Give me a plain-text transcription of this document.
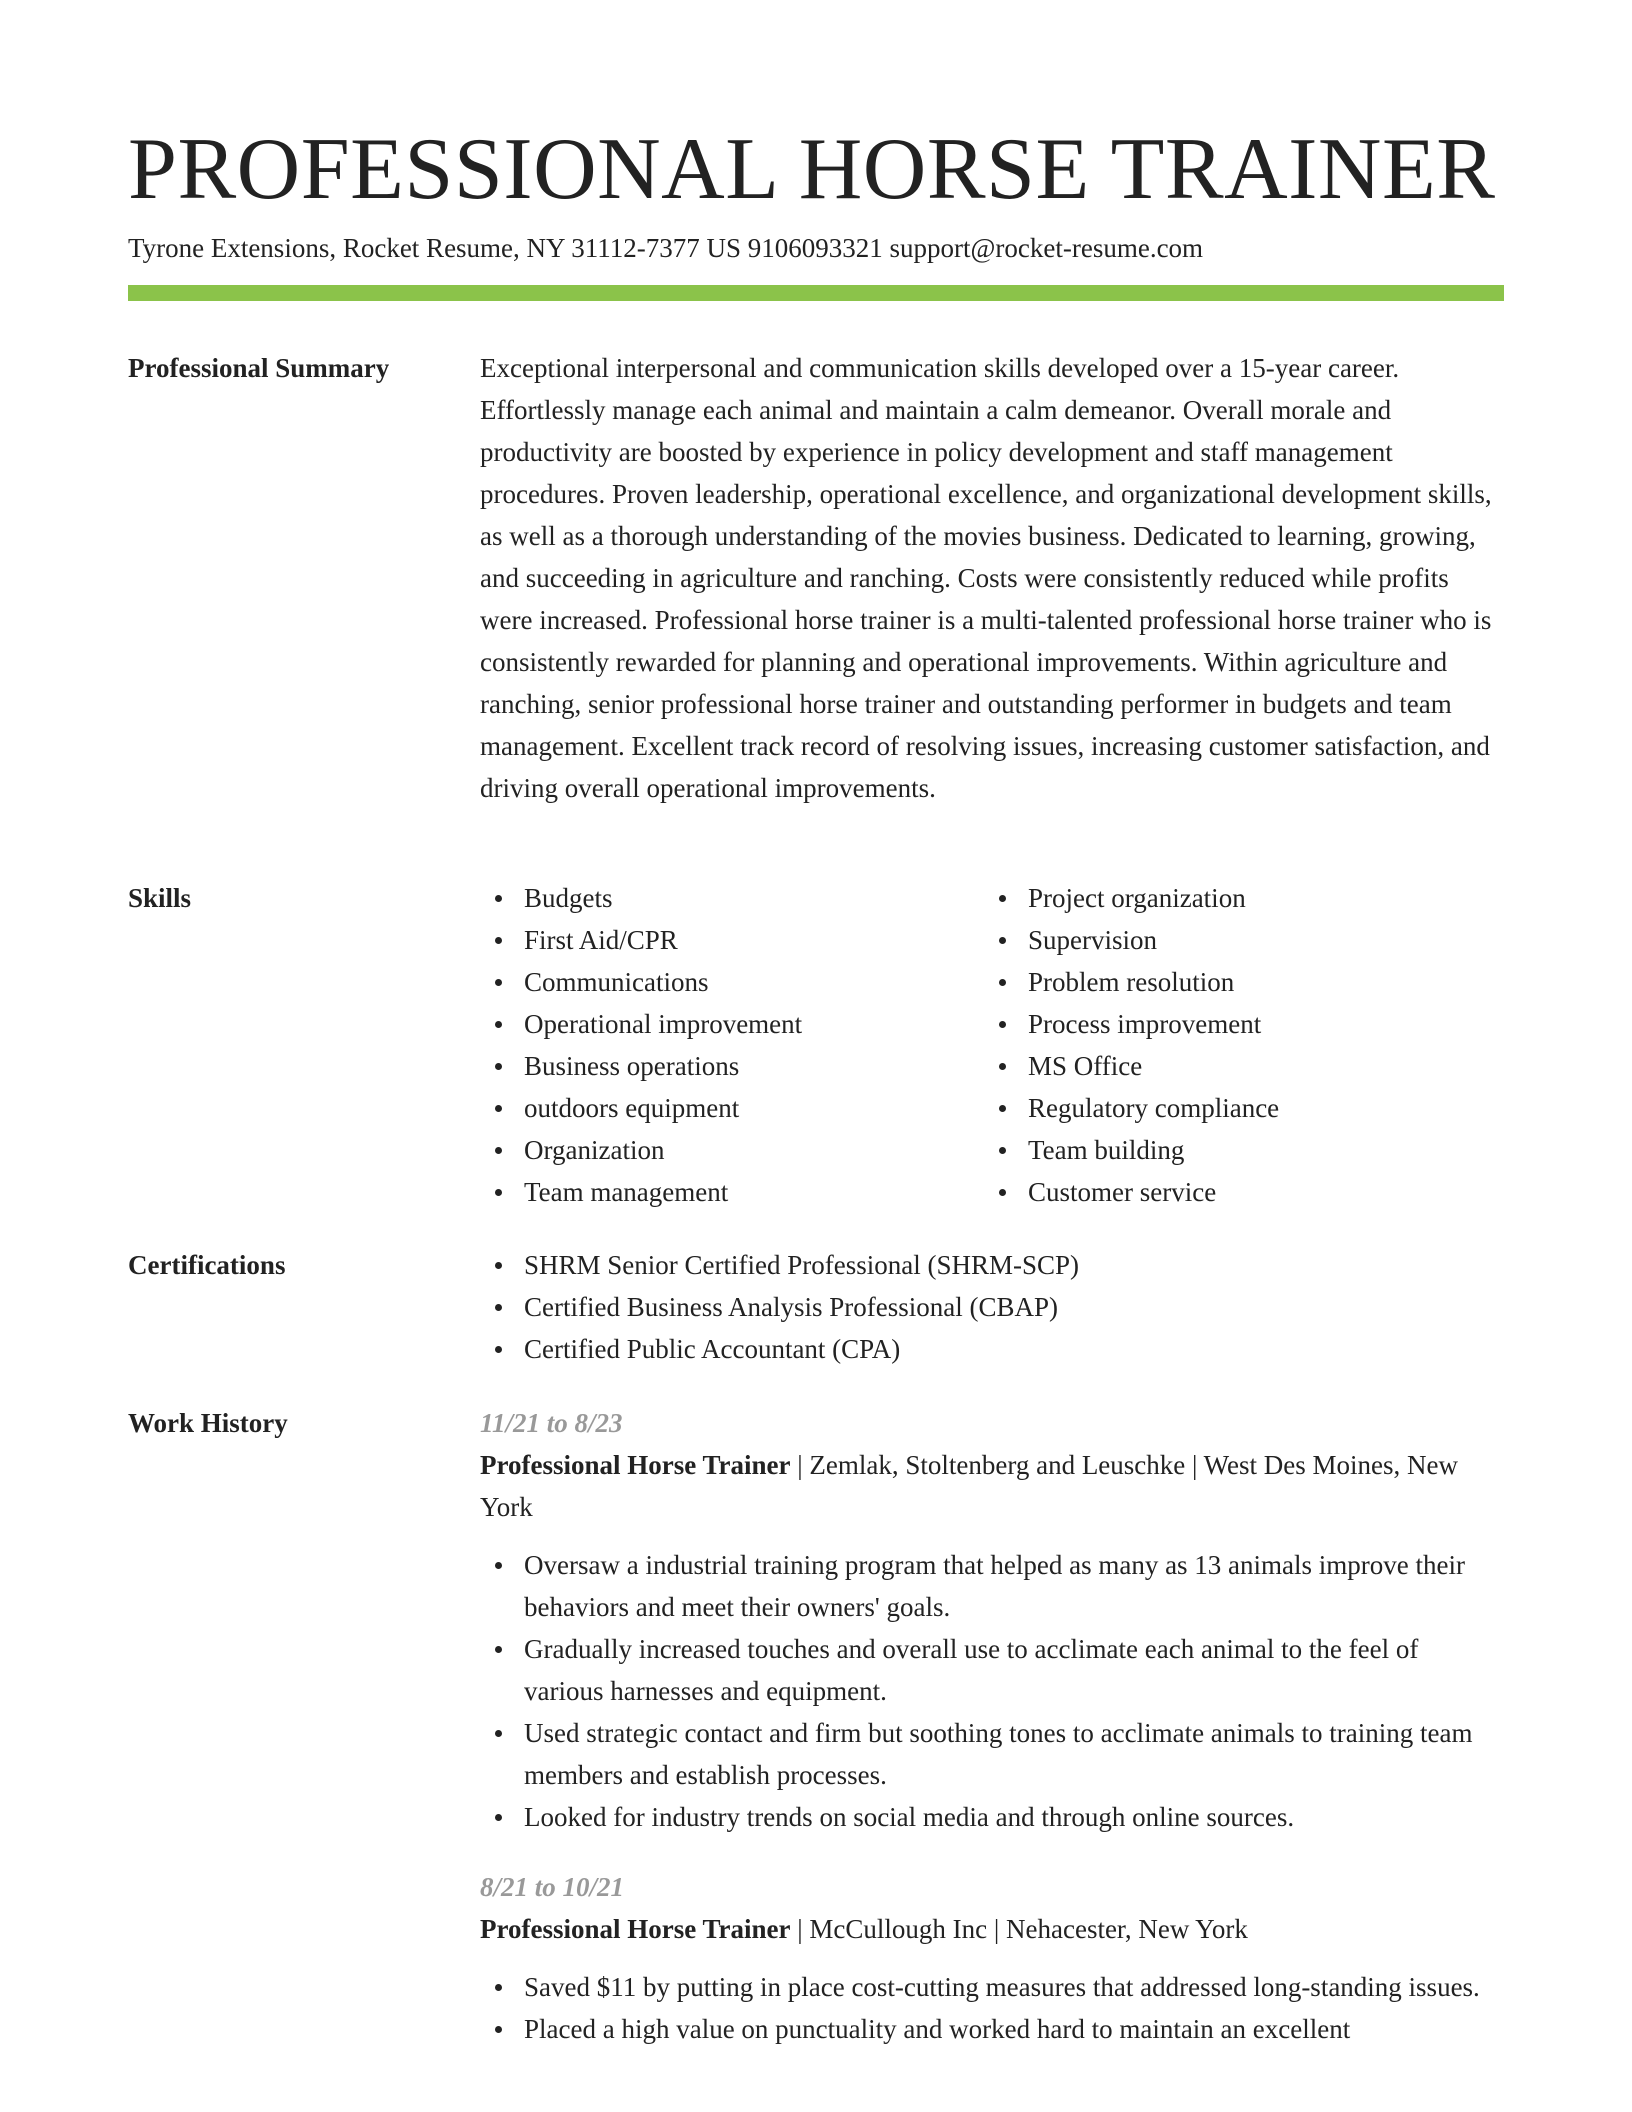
PROFESSIONAL HORSE TRAINER
Tyrone Extensions, Rocket Resume, NY 31112-7377 US 9106093321 support@rocket-resume.com
Professional Summary	Exceptional interpersonal and communication skills developed over a 15-year career. Effortlessly manage each animal and maintain a calm demeanor. Overall morale and productivity are boosted by experience in policy development and staff management procedures. Proven leadership, operational excellence, and organizational development skills, as well as a thorough understanding of the movies business. Dedicated to learning, growing, and succeeding in agriculture and ranching. Costs were consistently reduced while profits were increased. Professional horse trainer is a multi-talented professional horse trainer who is consistently rewarded for planning and operational improvements. Within agriculture and ranching, senior professional horse trainer and outstanding performer in budgets and team management. Excellent track record of resolving issues, increasing customer satisfaction, and driving overall operational improvements.

Skills	Budgets
First Aid/CPR
Communications
Operational improvement
Business operations
outdoors equipment
Organization
Team management
Project organization
Supervision
Problem resolution
Process improvement
MS Office
Regulatory compliance
Team building
Customer service
Certifications	SHRM Senior Certified Professional (SHRM-SCP)
Certified Business Analysis Professional (CBAP)
Certified Public Accountant (CPA)
Work History	11/21 to 8/23
Professional Horse Trainer | Zemlak, Stoltenberg and Leuschke | West Des Moines, New York
Oversaw a industrial training program that helped as many as 13 animals improve their behaviors and meet their owners' goals.
Gradually increased touches and overall use to acclimate each animal to the feel of various harnesses and equipment.
Used strategic contact and firm but soothing tones to acclimate animals to training team members and establish processes.
Looked for industry trends on social media and through online sources.
8/21 to 10/21
Professional Horse Trainer | McCullough Inc | Nehacester, New York
Saved $11 by putting in place cost-cutting measures that addressed long-standing issues.
Placed a high value on punctuality and worked hard to maintain an excellent
